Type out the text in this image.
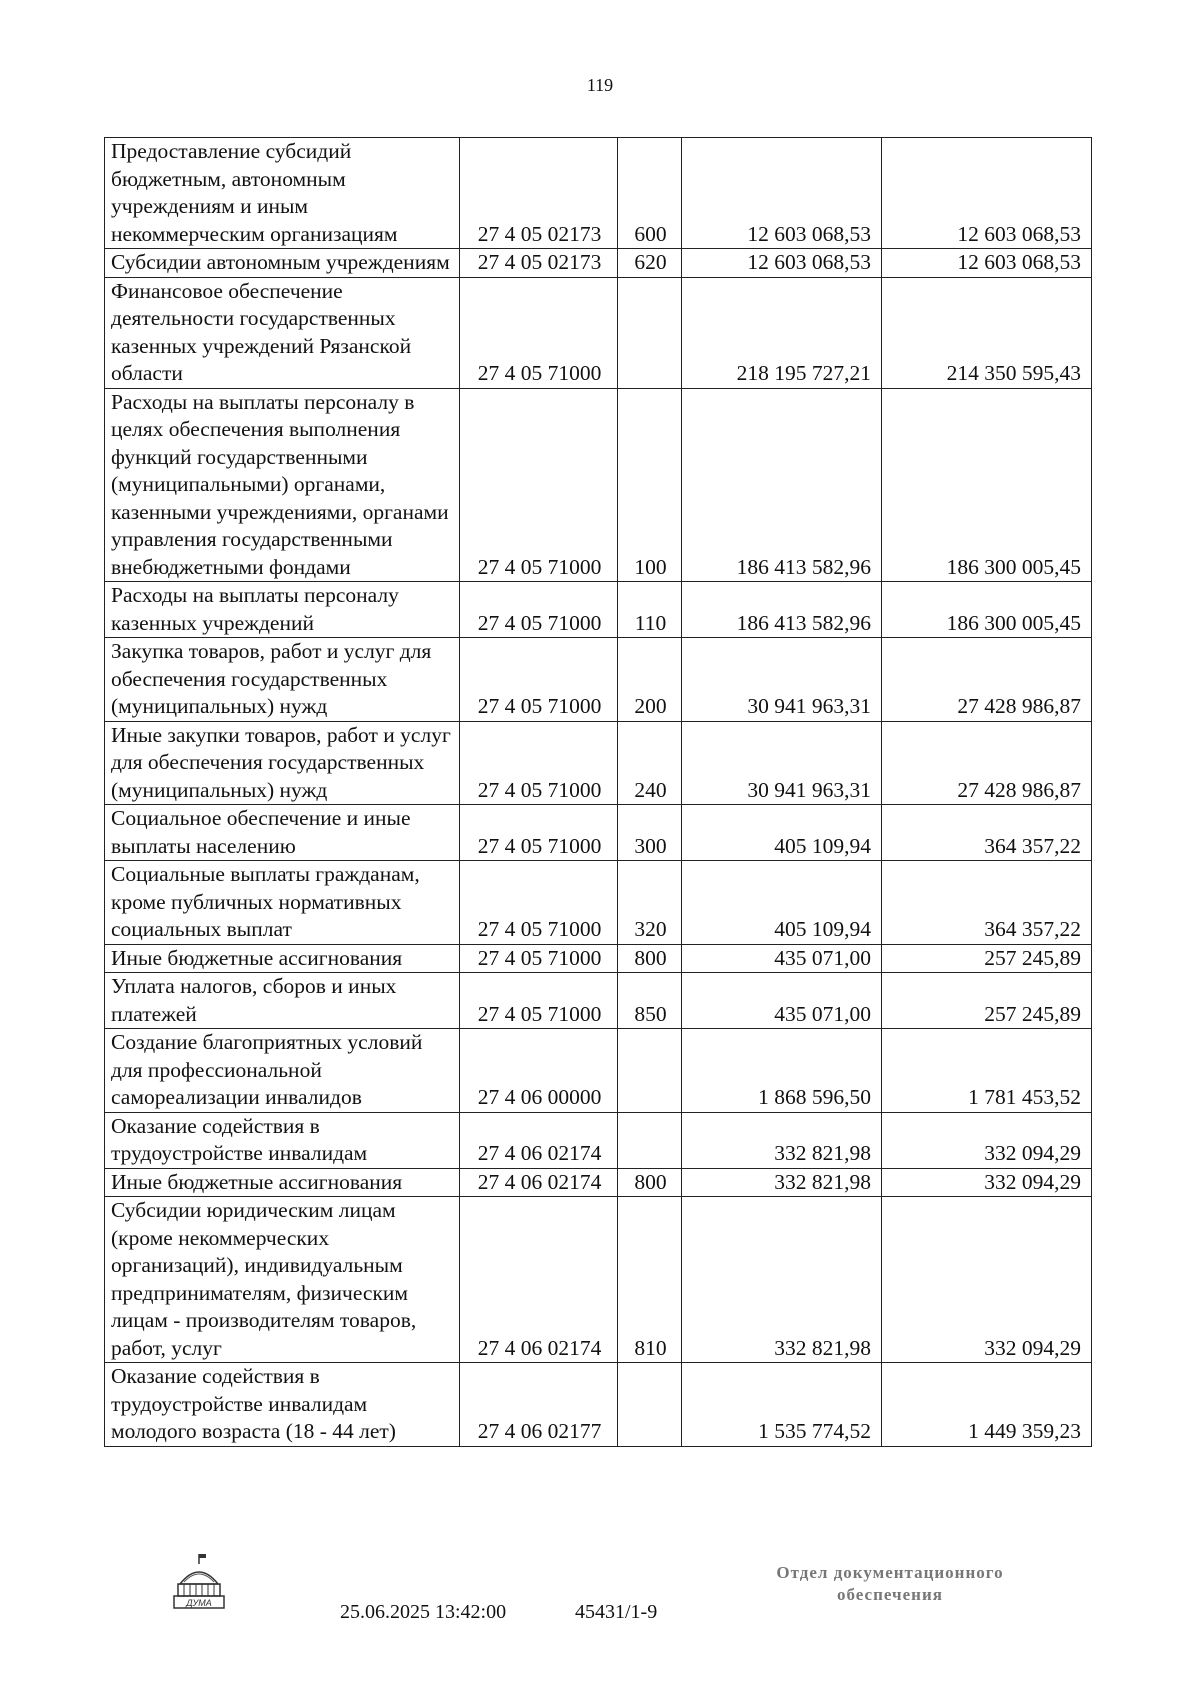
119
Предоставление субсидий бюджетным, автономным учреждениям и иным некоммерческим организациям	27 4 05 02173	600	12 603 068,53	12 603 068,53
Субсидии автономным учреждениям	27 4 05 02173	620	12 603 068,53	12 603 068,53
Финансовое обеспечение деятельности государственных казенных учреждений Рязанской области	27 4 05 71000		218 195 727,21	214 350 595,43
Расходы на выплаты персоналу в целях обеспечения выполнения функций государственными (муниципальными) органами, казенными учреждениями, органами управления государственными внебюджетными фондами	27 4 05 71000	100	186 413 582,96	186 300 005,45
Расходы на выплаты персоналу казенных учреждений	27 4 05 71000	110	186 413 582,96	186 300 005,45
Закупка товаров, работ и услуг для обеспечения государственных (муниципальных) нужд	27 4 05 71000	200	30 941 963,31	27 428 986,87
Иные закупки товаров, работ и услуг для обеспечения государственных (муниципальных) нужд	27 4 05 71000	240	30 941 963,31	27 428 986,87
Социальное обеспечение и иные выплаты населению	27 4 05 71000	300	405 109,94	364 357,22
Социальные выплаты гражданам, кроме публичных нормативных социальных выплат	27 4 05 71000	320	405 109,94	364 357,22
Иные бюджетные ассигнования	27 4 05 71000	800	435 071,00	257 245,89
Уплата налогов, сборов и иных платежей	27 4 05 71000	850	435 071,00	257 245,89
Создание благоприятных условий для профессиональной самореализации инвалидов	27 4 06 00000		1 868 596,50	1 781 453,52
Оказание содействия в трудоустройстве инвалидам	27 4 06 02174		332 821,98	332 094,29
Иные бюджетные ассигнования	27 4 06 02174	800	332 821,98	332 094,29
Субсидии юридическим лицам (кроме некоммерческих организаций), индивидуальным предпринимателям, физическим лицам - производителям товаров, работ, услуг	27 4 06 02174	810	332 821,98	332 094,29
Оказание содействия в трудоустройстве инвалидам молодого возраста (18 - 44 лет)	27 4 06 02177		1 535 774,52	1 449 359,23
ДУМА	25.06.2025 13:42:00	45431/1-9
Отдел документационного
обеспечения
